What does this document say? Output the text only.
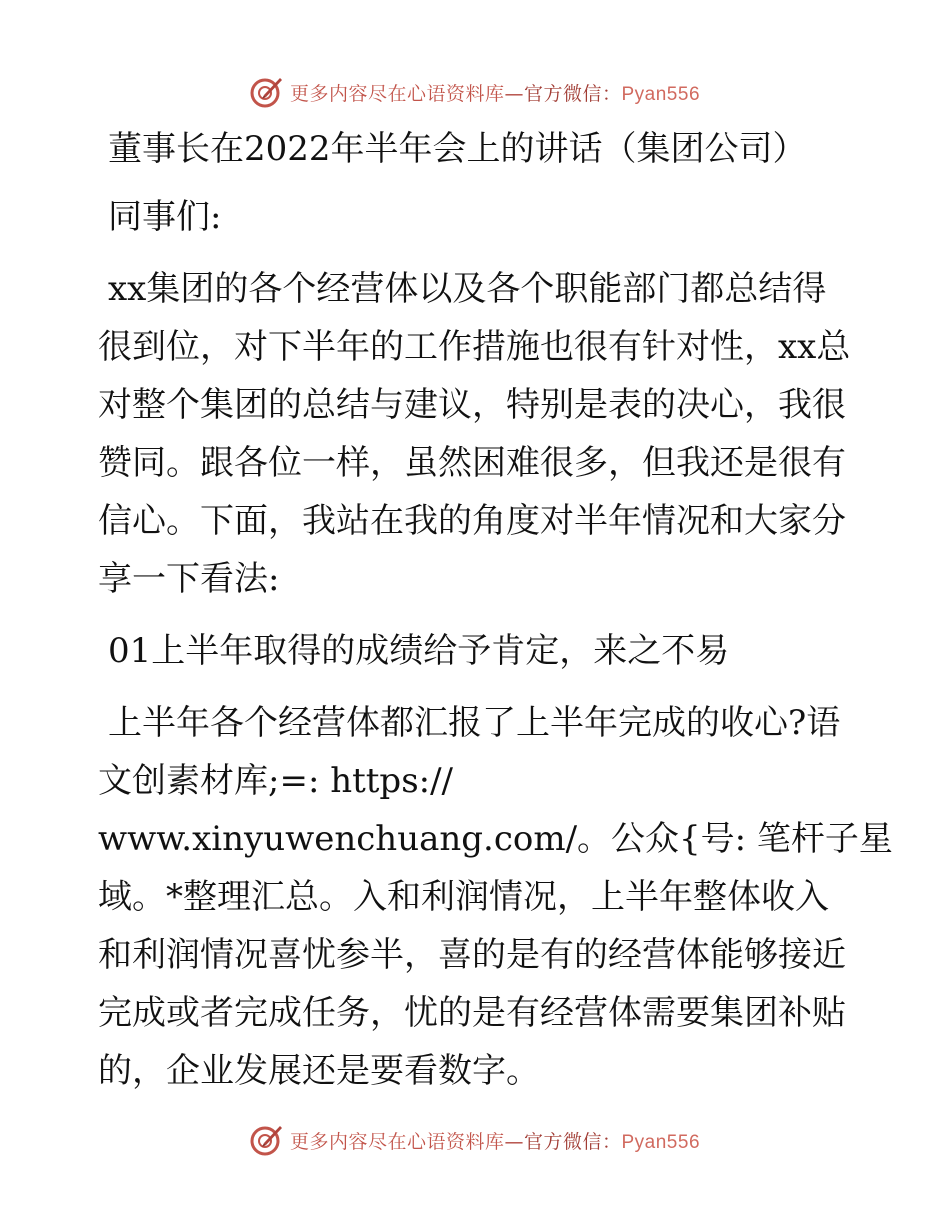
更多内容尽在心语资料库—官方微信：Pyan556

董事长在2022年半年会上的讲话（集团公司）

同事们:

xx集团的各个经营体以及各个职能部门都总结得
很到位，对下半年的工作措施也很有针对性，xx总
对整个集团的总结与建议，特别是表的决心，我很
赞同。跟各位一样，虽然困难很多，但我还是很有
信心。下面，我站在我的角度对半年情况和大家分
享一下看法:

01上半年取得的成绩给予肯定，来之不易

上半年各个经营体都汇报了上半年完成的收心?语
文创素材库;=: https://
www.xinyuwenchuang.com/。公众{号: 笔杆子星
域。*整理汇总。入和利润情况，上半年整体收入
和利润情况喜忧参半，喜的是有的经营体能够接近
完成或者完成任务，忧的是有经营体需要集团补贴
的，企业发展还是要看数字。

更多内容尽在心语资料库—官方微信：Pyan556
